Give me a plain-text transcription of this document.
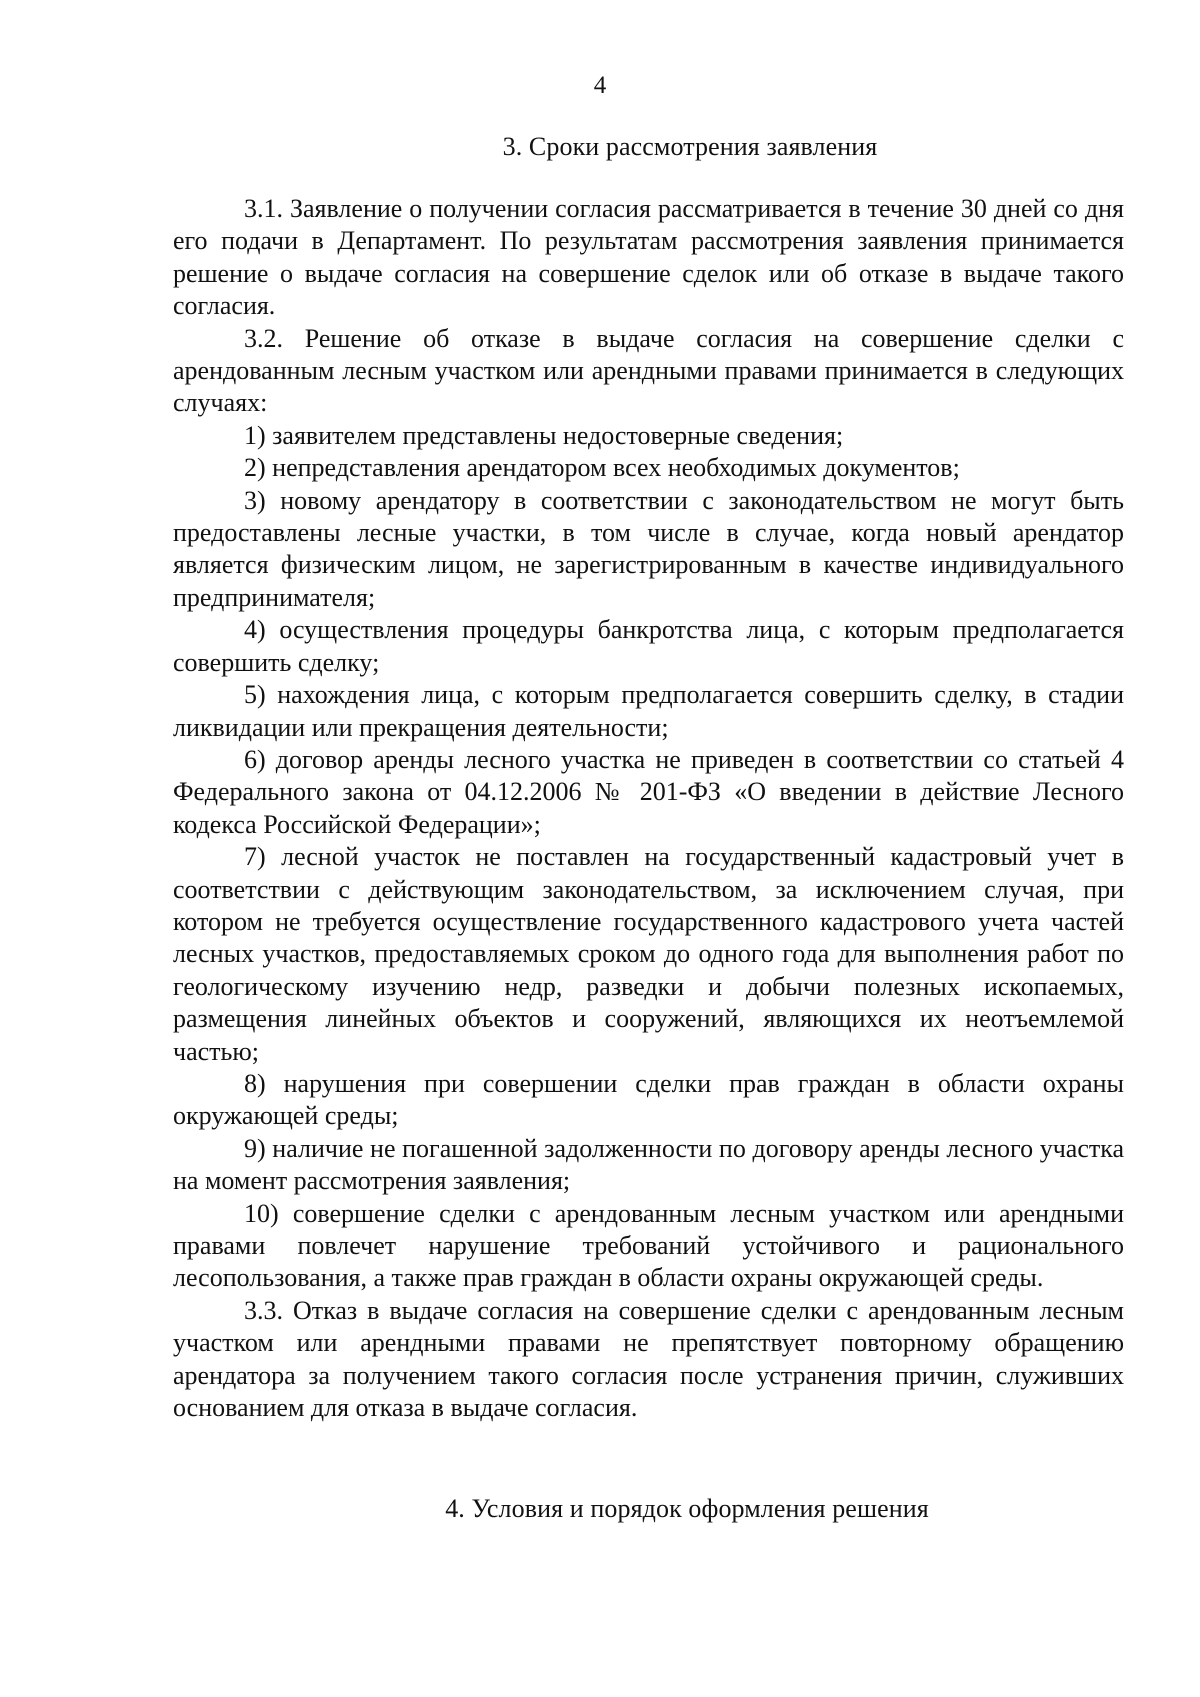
4
3. Сроки рассмотрения заявления

3.1. Заявление о получении согласия рассматривается в течение 30 дней со дня его подачи в Департамент. По результатам рассмотрения заявления принимается решение о выдаче согласия на совершение сделок или об отказе в выдаче такого согласия.

3.2. Решение об отказе в выдаче согласия на совершение сделки с арендованным лесным участком или арендными правами принимается в следующих случаях:

1) заявителем представлены недостоверные сведения;

2) непредставления арендатором всех необходимых документов;

3) новому арендатору в соответствии с законодательством не могут быть предоставлены лесные участки, в том числе в случае, когда новый арендатор является физическим лицом, не зарегистрированным в качестве индивидуального предпринимателя;

4) осуществления процедуры банкротства лица, с которым предполагается совершить сделку;

5) нахождения лица, с которым предполагается совершить сделку, в стадии ликвидации или прекращения деятельности;

6) договор аренды лесного участка не приведен в соответствии со статьей 4 Федерального закона от 04.12.2006 № 201-ФЗ «О введении в действие Лесного кодекса Российской Федерации»;

7) лесной участок не поставлен на государственный кадастровый учет в соответствии с действующим законодательством, за исключением случая, при котором не требуется осуществление государственного кадастрового учета частей лесных участков, предоставляемых сроком до одного года для выполнения работ по геологическому изучению недр, разведки и добычи полезных ископаемых, размещения линейных объектов и сооружений, являющихся их неотъемлемой частью;

8) нарушения при совершении сделки прав граждан в области охраны окружающей среды;

9) наличие не погашенной задолженности по договору аренды лесного участка на момент рассмотрения заявления;

10) совершение сделки с арендованным лесным участком или арендными правами повлечет нарушение требований устойчивого и рационального лесопользования, а также прав граждан в области охраны окружающей среды.

3.3. Отказ в выдаче согласия на совершение сделки с арендованным лесным участком или арендными правами не препятствует повторному обращению арендатора за получением такого согласия после устранения причин, служивших основанием для отказа в выдаче согласия.

4. Условия и порядок оформления решения
